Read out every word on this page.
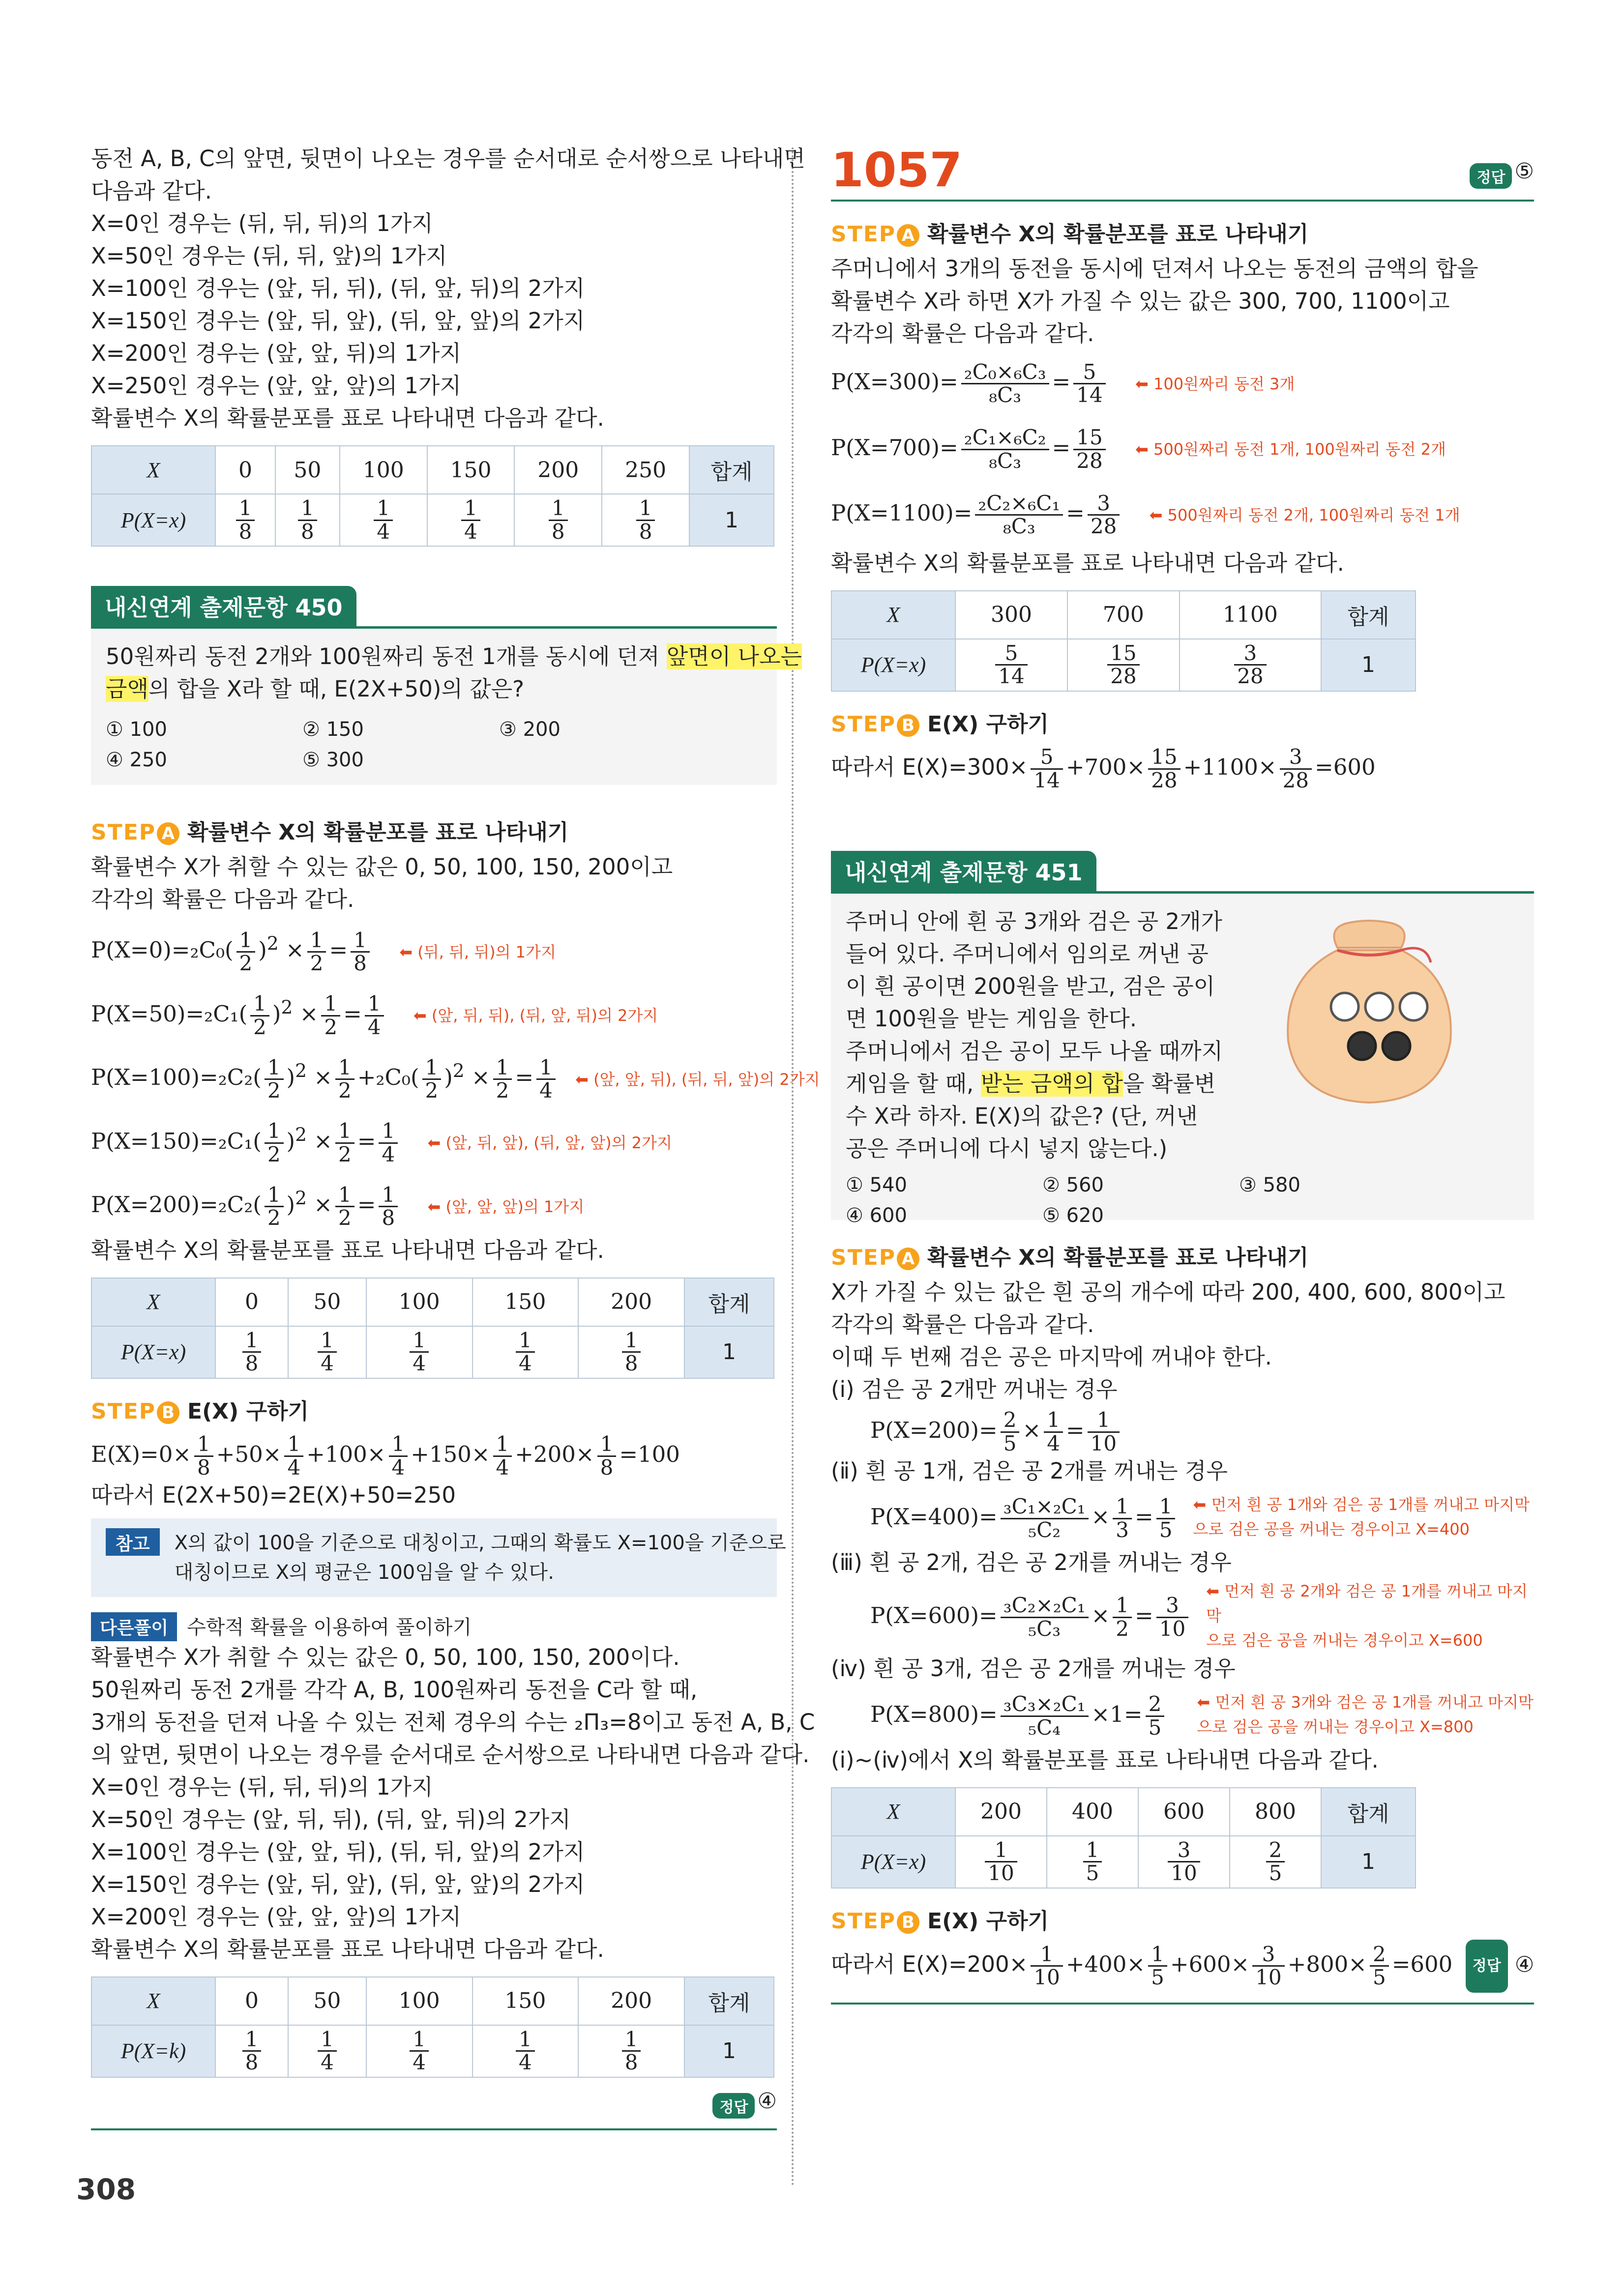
동전 A, B, C의 앞면, 뒷면이 나오는 경우를 순서대로 순서쌍으로 나타내면
다음과 같다.
X=0인 경우는 (뒤, 뒤, 뒤)의 1가지
X=50인 경우는 (뒤, 뒤, 앞)의 1가지
X=100인 경우는 (앞, 뒤, 뒤), (뒤, 앞, 뒤)의 2가지
X=150인 경우는 (앞, 뒤, 앞), (뒤, 앞, 앞)의 2가지
X=200인 경우는 (앞, 앞, 뒤)의 1가지
X=250인 경우는 (앞, 앞, 앞)의 1가지
확률변수 X의 확률분포를 표로 나타내면 다음과 같다.
X	0	50	100	150	200	250	합계
P(X=x)	$\frac{1}{8}$	$\frac{1}{8}$	$\frac{1}{4}$	$\frac{1}{4}$	$\frac{1}{8}$	$\frac{1}{8}$	1
내신연계 출제문항 450
50원짜리 동전 2개와 100원짜리 동전 1개를 동시에 던져 앞면이 나오는
금액의 합을 X라 할 때, E(2X+50)의 값은?
① 100	② 150	③ 200
④ 250	⑤ 300
STEP A 확률변수 X의 확률분포를 표로 나타내기
확률변수 X가 취할 수 있는 값은 0, 50, 100, 150, 200이고
각각의 확률은 다음과 같다.
$P(X=0)=_2C_0( \frac{1}{2} )^2 \times \frac{1}{2} = \frac{1}{8}$ ⬅ (뒤, 뒤, 뒤)의 1가지
$P(X=50)=_2C_1( \frac{1}{2} )^2 \times \frac{1}{2} = \frac{1}{4}$ ⬅ (앞, 뒤, 뒤), (뒤, 앞, 뒤)의 2가지
$P(X=100)=_2C_2( \frac{1}{2} )^2 \times \frac{1}{2} +_2C_0( \frac{1}{2} )^2 \times \frac{1}{2} = \frac{1}{4}$ ⬅ (앞, 앞, 뒤), (뒤, 뒤, 앞)의 2가지
$P(X=150)=_2C_1( \frac{1}{2} )^2 \times \frac{1}{2} = \frac{1}{4}$ ⬅ (앞, 뒤, 앞), (뒤, 앞, 앞)의 2가지
$P(X=200)=_2C_2( \frac{1}{2} )^2 \times \frac{1}{2} = \frac{1}{8}$ ⬅ (앞, 앞, 앞)의 1가지
확률변수 X의 확률분포를 표로 나타내면 다음과 같다.
X	0	50	100	150	200	합계
P(X=x)	$\frac{1}{8}$	$\frac{1}{4}$	$\frac{1}{4}$	$\frac{1}{4}$	$\frac{1}{8}$	1
STEP B E(X) 구하기
$E(X)=0\times \frac{1}{8} +50\times \frac{1}{4} +100\times \frac{1}{4} +150\times \frac{1}{4} +200\times \frac{1}{8} =100$
따라서 E(2X+50)=2E(X)+50=250
참고	X의 값이 100을 기준으로 대칭이고, 그때의 확률도 X=100을 기준으로
대칭이므로 X의 평균은 100임을 알 수 있다.
다른풀이 수학적 확률을 이용하여 풀이하기
확률변수 X가 취할 수 있는 값은 0, 50, 100, 150, 200이다.
50원짜리 동전 2개를 각각 A, B, 100원짜리 동전을 C라 할 때,
3개의 동전을 던져 나올 수 있는 전체 경우의 수는 ₂Π₃=8이고 동전 A, B, C
의 앞면, 뒷면이 나오는 경우를 순서대로 순서쌍으로 나타내면 다음과 같다.
X=0인 경우는 (뒤, 뒤, 뒤)의 1가지
X=50인 경우는 (앞, 뒤, 뒤), (뒤, 앞, 뒤)의 2가지
X=100인 경우는 (앞, 앞, 뒤), (뒤, 뒤, 앞)의 2가지
X=150인 경우는 (앞, 뒤, 앞), (뒤, 앞, 앞)의 2가지
X=200인 경우는 (앞, 앞, 앞)의 1가지
확률변수 X의 확률분포를 표로 나타내면 다음과 같다.
X	0	50	100	150	200	합계
P(X=k)	$\frac{1}{8}$	$\frac{1}{4}$	$\frac{1}{4}$	$\frac{1}{4}$	$\frac{1}{8}$	1
정답 ④
1057	정답 ⑤
STEP A 확률변수 X의 확률분포를 표로 나타내기
주머니에서 3개의 동전을 동시에 던져서 나오는 동전의 금액의 합을
확률변수 X라 하면 X가 가질 수 있는 값은 300, 700, 1100이고
각각의 확률은 다음과 같다.
$P(X=300)= \frac{\text{₂C₀×₆C₃}}{\text{₈C₃}} = \frac{5}{14}$ ⬅ 100원짜리 동전 3개
$P(X=700)= \frac{\text{₂C₁×₆C₂}}{\text{₈C₃}} = \frac{15}{28}$ ⬅ 500원짜리 동전 1개, 100원짜리 동전 2개
$P(X=1100)= \frac{\text{₂C₂×₆C₁}}{\text{₈C₃}} = \frac{3}{28}$ ⬅ 500원짜리 동전 2개, 100원짜리 동전 1개
확률변수 X의 확률분포를 표로 나타내면 다음과 같다.
X	300	700	1100	합계
P(X=x)	$\frac{5}{14}$	$\frac{15}{28}$	$\frac{3}{28}$	1
STEP B E(X) 구하기
따라서 $E(X)=300\times \frac{5}{14} +700\times \frac{15}{28} +1100\times \frac{3}{28} =600$
내신연계 출제문항 451
주머니 안에 흰 공 3개와 검은 공 2개가
들어 있다. 주머니에서 임의로 꺼낸 공
이 흰 공이면 200원을 받고, 검은 공이
면 100원을 받는 게임을 한다.
주머니에서 검은 공이 모두 나올 때까지
게임을 할 때, 받는 금액의 합을 확률변
수 X라 하자. E(X)의 값은? (단, 꺼낸
공은 주머니에 다시 넣지 않는다.)
① 540	② 560	③ 580
④ 600	⑤ 620
STEP A 확률변수 X의 확률분포를 표로 나타내기
X가 가질 수 있는 값은 흰 공의 개수에 따라 200, 400, 600, 800이고
각각의 확률은 다음과 같다.
이때 두 번째 검은 공은 마지막에 꺼내야 한다.
(ⅰ) 검은 공 2개만 꺼내는 경우
$P(X=200)= \frac{2}{5} \times \frac{1}{4} = \frac{1}{10}$
(ⅱ) 흰 공 1개, 검은 공 2개를 꺼내는 경우
$P(X=400)= \frac{\text{₃C₁×₂C₁}}{\text{₅C₂}} \times \frac{1}{3} = \frac{1}{5}$ ⬅ 먼저 흰 공 1개와 검은 공 1개를 꺼내고 마지막
으로 검은 공을 꺼내는 경우이고 X=400
(ⅲ) 흰 공 2개, 검은 공 2개를 꺼내는 경우
$P(X=600)= \frac{\text{₃C₂×₂C₁}}{\text{₅C₃}} \times \frac{1}{2} = \frac{3}{10}$
⬅ 먼저 흰 공 2개와 검은 공 1개를 꺼내고 마지막
으로 검은 공을 꺼내는 경우이고 X=600
(ⅳ) 흰 공 3개, 검은 공 2개를 꺼내는 경우
$P(X=800)= \frac{\text{₃C₃×₂C₁}}{\text{₅C₄}} \times 1= \frac{2}{5}$ ⬅ 먼저 흰 공 3개와 검은 공 1개를 꺼내고 마지막
으로 검은 공을 꺼내는 경우이고 X=800
(ⅰ)~(ⅳ)에서 X의 확률분포를 표로 나타내면 다음과 같다.
X	200	400	600	800	합계
P(X=x)	$\frac{1}{10}$	$\frac{1}{5}$	$\frac{3}{10}$	$\frac{2}{5}$	1
STEP B E(X) 구하기
따라서 $E(X)=200\times \frac{1}{10} +400\times \frac{1}{5} +600\times \frac{3}{10} +800\times \frac{2}{5} =600$ 정답 ④
308
